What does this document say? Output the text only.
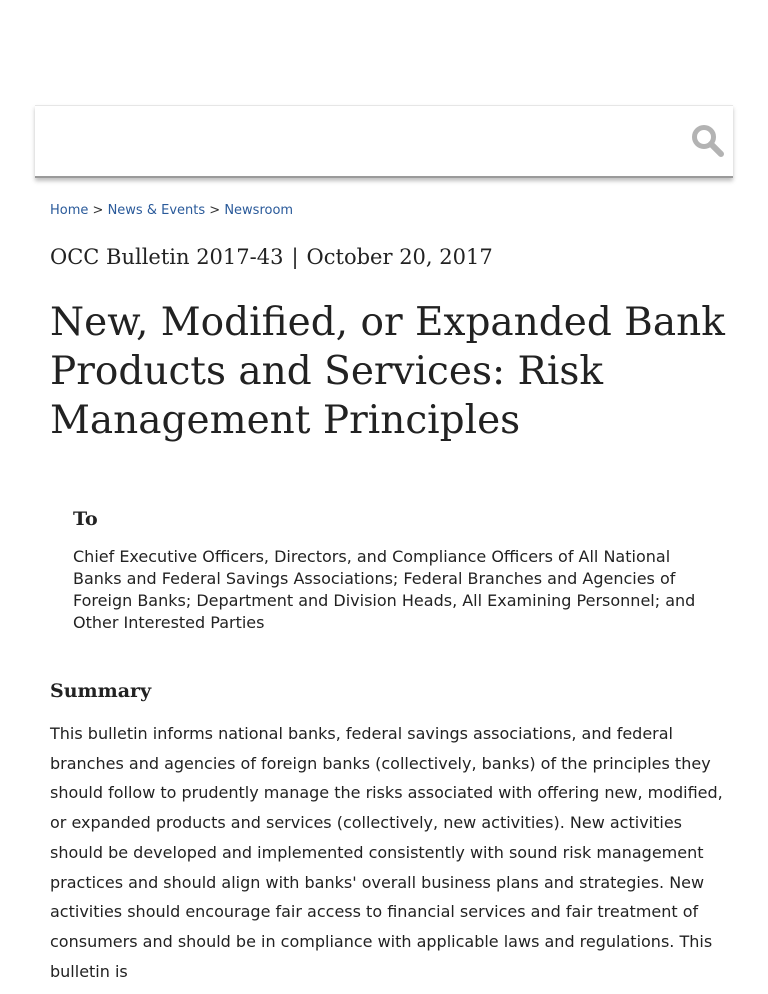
Home > News & Events > Newsroom
OCC Bulletin 2017-43 | October 20, 2017
New, Modified, or Expanded Bank Products and Services: Risk Management Principles
To

Chief Executive Officers, Directors, and Compliance Officers of All National Banks and Federal Savings Associations; Federal Branches and Agencies of Foreign Banks; Department and Division Heads, All Examining Personnel; and Other Interested Parties

Summary

This bulletin informs national banks, federal savings associations, and federal branches and agencies of foreign banks (collectively, banks) of the principles they should follow to prudently manage the risks associated with offering new, modified, or expanded products and services (collectively, new activities). New activities should be developed and implemented consistently with sound risk management practices and should align with banks' overall business plans and strategies. New activities should encourage fair access to financial services and fair treatment of consumers and should be in compliance with applicable laws and regulations. This bulletin is
